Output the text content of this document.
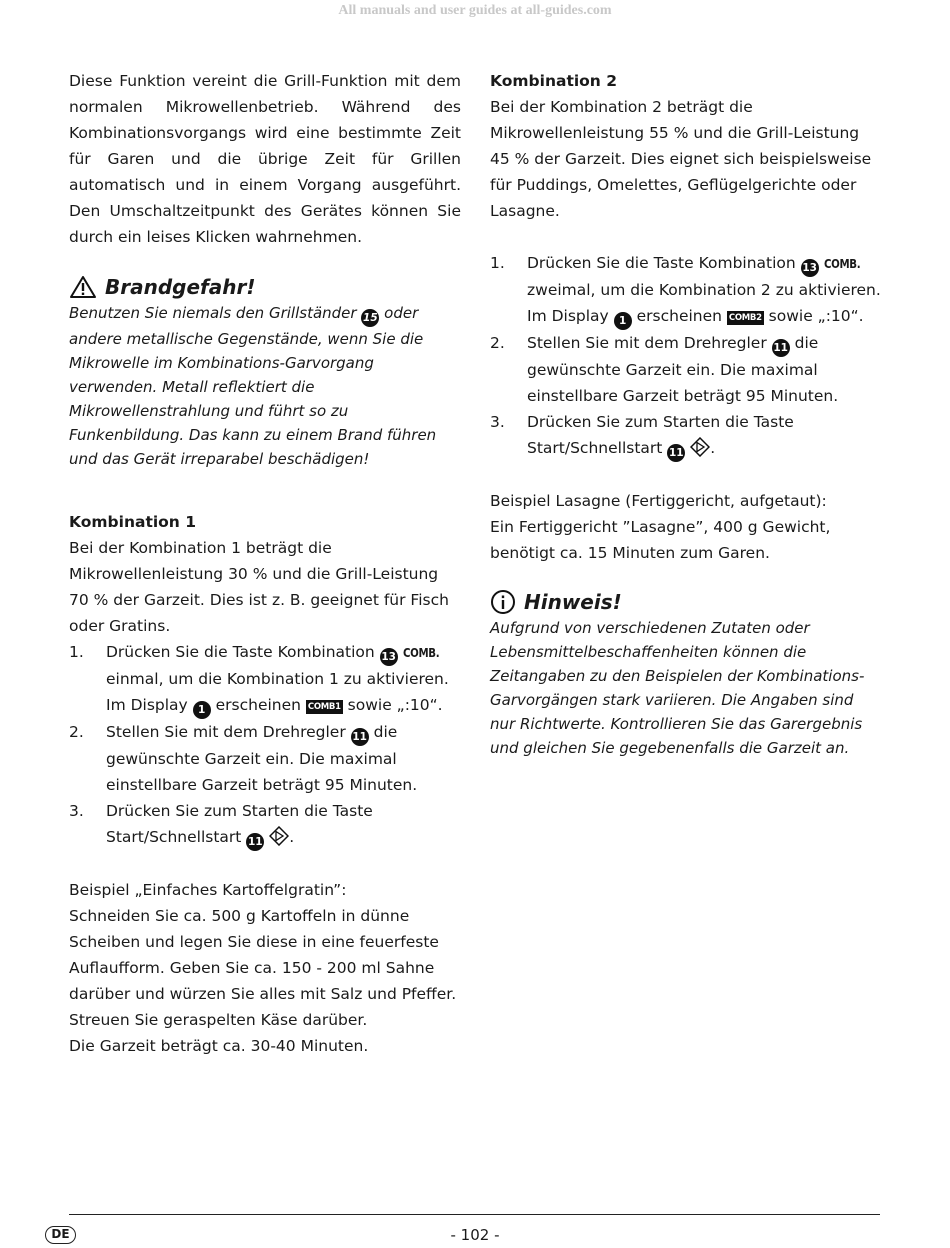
All manuals and user guides at all-guides.com

Diese Funktion vereint die Grill-Funktion mit dem normalen Mikrowellenbetrieb. Während des Kombinationsvorgangs wird eine bestimmte Zeit für Garen und die übrige Zeit für Grillen automatisch und in einem Vorgang ausgeführt. Den Umschaltzeitpunkt des Gerätes können Sie durch ein leises Klicken wahrnehmen.

Brandgefahr!

Benutzen Sie niemals den Grillständer 15 oder andere metallische Gegenstände, wenn Sie die Mikrowelle im Kombinations-Garvorgang verwenden. Metall reflektiert die Mikrowellenstrahlung und führt so zu Funkenbildung. Das kann zu einem Brand führen und das Gerät irreparabel beschädigen!

Kombination 1

Bei der Kombination 1 beträgt die Mikrowellenleistung 30 % und die Grill-Leistung 70 % der Garzeit. Dies ist z. B. geeignet für Fisch oder Gratins.

1. Drücken Sie die Taste Kombination 13 COMB. einmal, um die Kombination 1 zu aktivieren. Im Display 1 erscheinen COMB1 sowie „:10“.
2. Stellen Sie mit dem Drehregler 11 die gewünschte Garzeit ein. Die maximal einstellbare Garzeit beträgt 95 Minuten.
3. Drücken Sie zum Starten die Taste Start/Schnellstart 11 .

Beispiel „Einfaches Kartoffelgratin”:

Schneiden Sie ca. 500 g Kartoffeln in dünne Scheiben und legen Sie diese in eine feuerfeste Auflaufform. Geben Sie ca. 150 - 200 ml Sahne darüber und würzen Sie alles mit Salz und Pfeffer. Streuen Sie geraspelten Käse darüber.

Die Garzeit beträgt ca. 30-40 Minuten.

Kombination 2

Bei der Kombination 2 beträgt die Mikrowellenleistung 55 % und die Grill-Leistung 45 % der Garzeit. Dies eignet sich beispielsweise für Puddings, Omelettes, Geflügelgerichte oder Lasagne.

1. Drücken Sie die Taste Kombination 13 COMB. zweimal, um die Kombination 2 zu aktivieren. Im Display 1 erscheinen COMB2 sowie „:10“.
2. Stellen Sie mit dem Drehregler 11 die gewünschte Garzeit ein. Die maximal einstellbare Garzeit beträgt 95 Minuten.
3. Drücken Sie zum Starten die Taste Start/Schnellstart 11 .

Beispiel Lasagne (Fertiggericht, aufgetaut):

Ein Fertiggericht ”Lasagne”, 400 g Gewicht, benötigt ca. 15 Minuten zum Garen.

Hinweis!

Aufgrund von verschiedenen Zutaten oder Lebensmittelbeschaffenheiten können die Zeitangaben zu den Beispielen der Kombinations-Garvorgängen stark variieren. Die Angaben sind nur Richtwerte. Kontrollieren Sie das Garergebnis und gleichen Sie gegebenenfalls die Garzeit an.

DE	- 102 -
